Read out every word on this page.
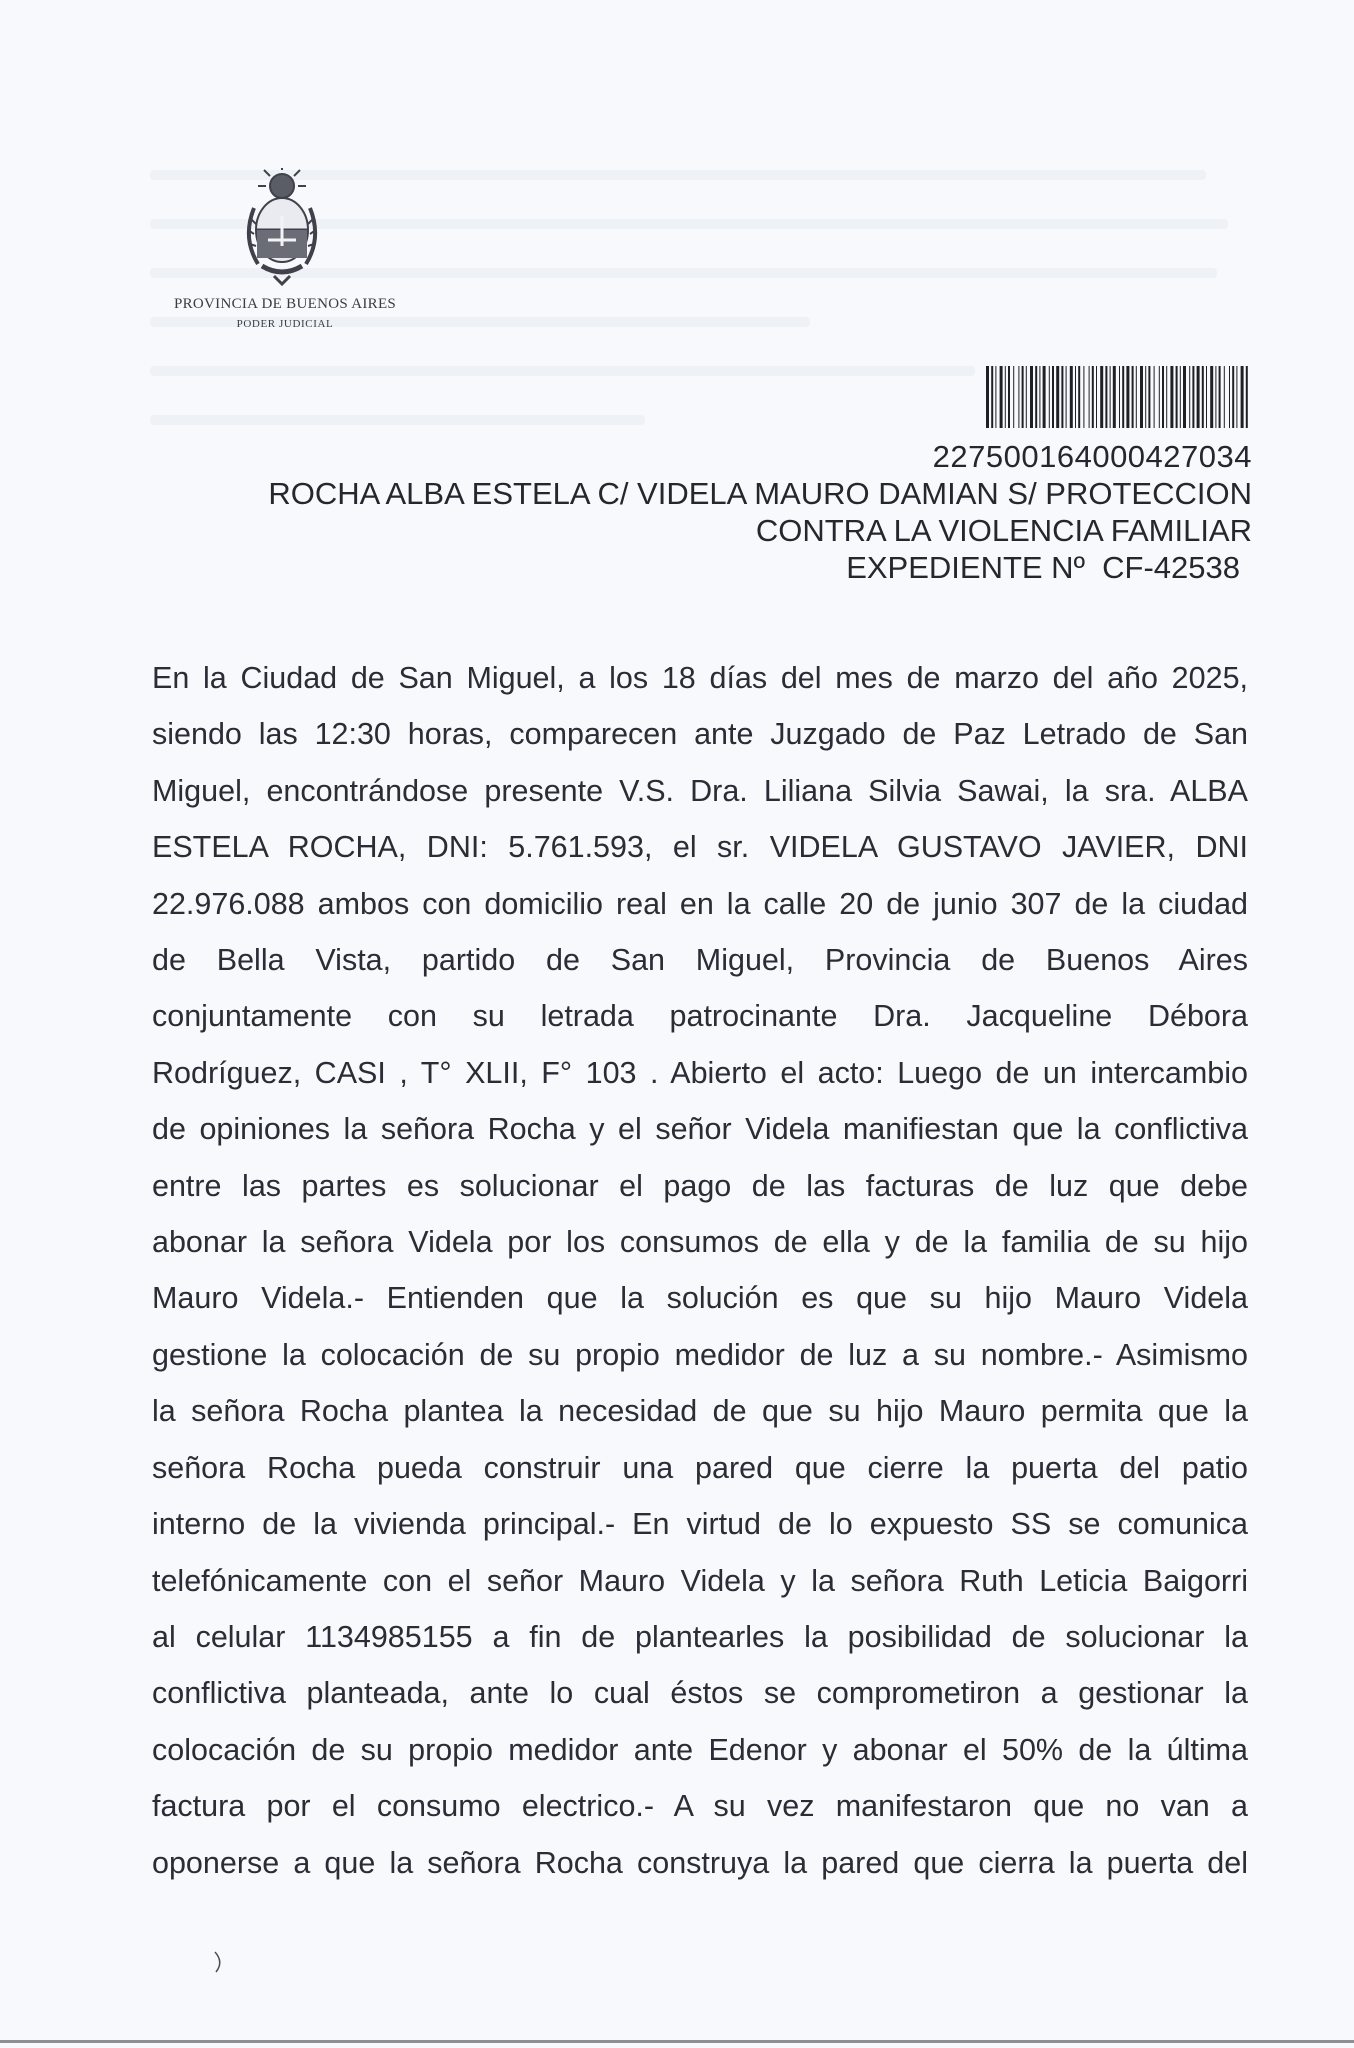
PROVINCIA DE BUENOS AIRES
PODER JUDICIAL
227500164000427034
ROCHA ALBA ESTELA C/ VIDELA MAURO DAMIAN S/ PROTECCION
CONTRA LA VIOLENCIA FAMILIAR
EXPEDIENTE Nº CF-42538
En la Ciudad de San Miguel, a los 18 días del mes de marzo del año 2025,
siendo las 12:30 horas, comparecen ante Juzgado de Paz Letrado de San
Miguel, encontrándose presente V.S. Dra. Liliana Silvia Sawai, la sra. ALBA
ESTELA ROCHA, DNI: 5.761.593, el sr. VIDELA GUSTAVO JAVIER, DNI
22.976.088 ambos con domicilio real en la calle 20 de junio 307 de la ciudad
de Bella Vista, partido de San Miguel, Provincia de Buenos Aires
conjuntamente con su letrada patrocinante Dra. Jacqueline Débora
Rodríguez, CASI , T° XLII, F° 103 . Abierto el acto: Luego de un intercambio
de opiniones la señora Rocha y el señor Videla manifiestan que la conflictiva
entre las partes es solucionar el pago de las facturas de luz que debe
abonar la señora Videla por los consumos de ella y de la familia de su hijo
Mauro Videla.- Entienden que la solución es que su hijo Mauro Videla
gestione la colocación de su propio medidor de luz a su nombre.- Asimismo
la señora Rocha plantea la necesidad de que su hijo Mauro permita que la
señora Rocha pueda construir una pared que cierre la puerta del patio
interno de la vivienda principal.- En virtud de lo expuesto SS se comunica
telefónicamente con el señor Mauro Videla y la señora Ruth Leticia Baigorri
al celular 1134985155 a fin de plantearles la posibilidad de solucionar la
conflictiva planteada, ante lo cual éstos se comprometiron a gestionar la
colocación de su propio medidor ante Edenor y abonar el 50% de la última
factura por el consumo electrico.- A su vez manifestaron que no van a
oponerse a que la señora Rocha construya la pared que cierra la puerta del
